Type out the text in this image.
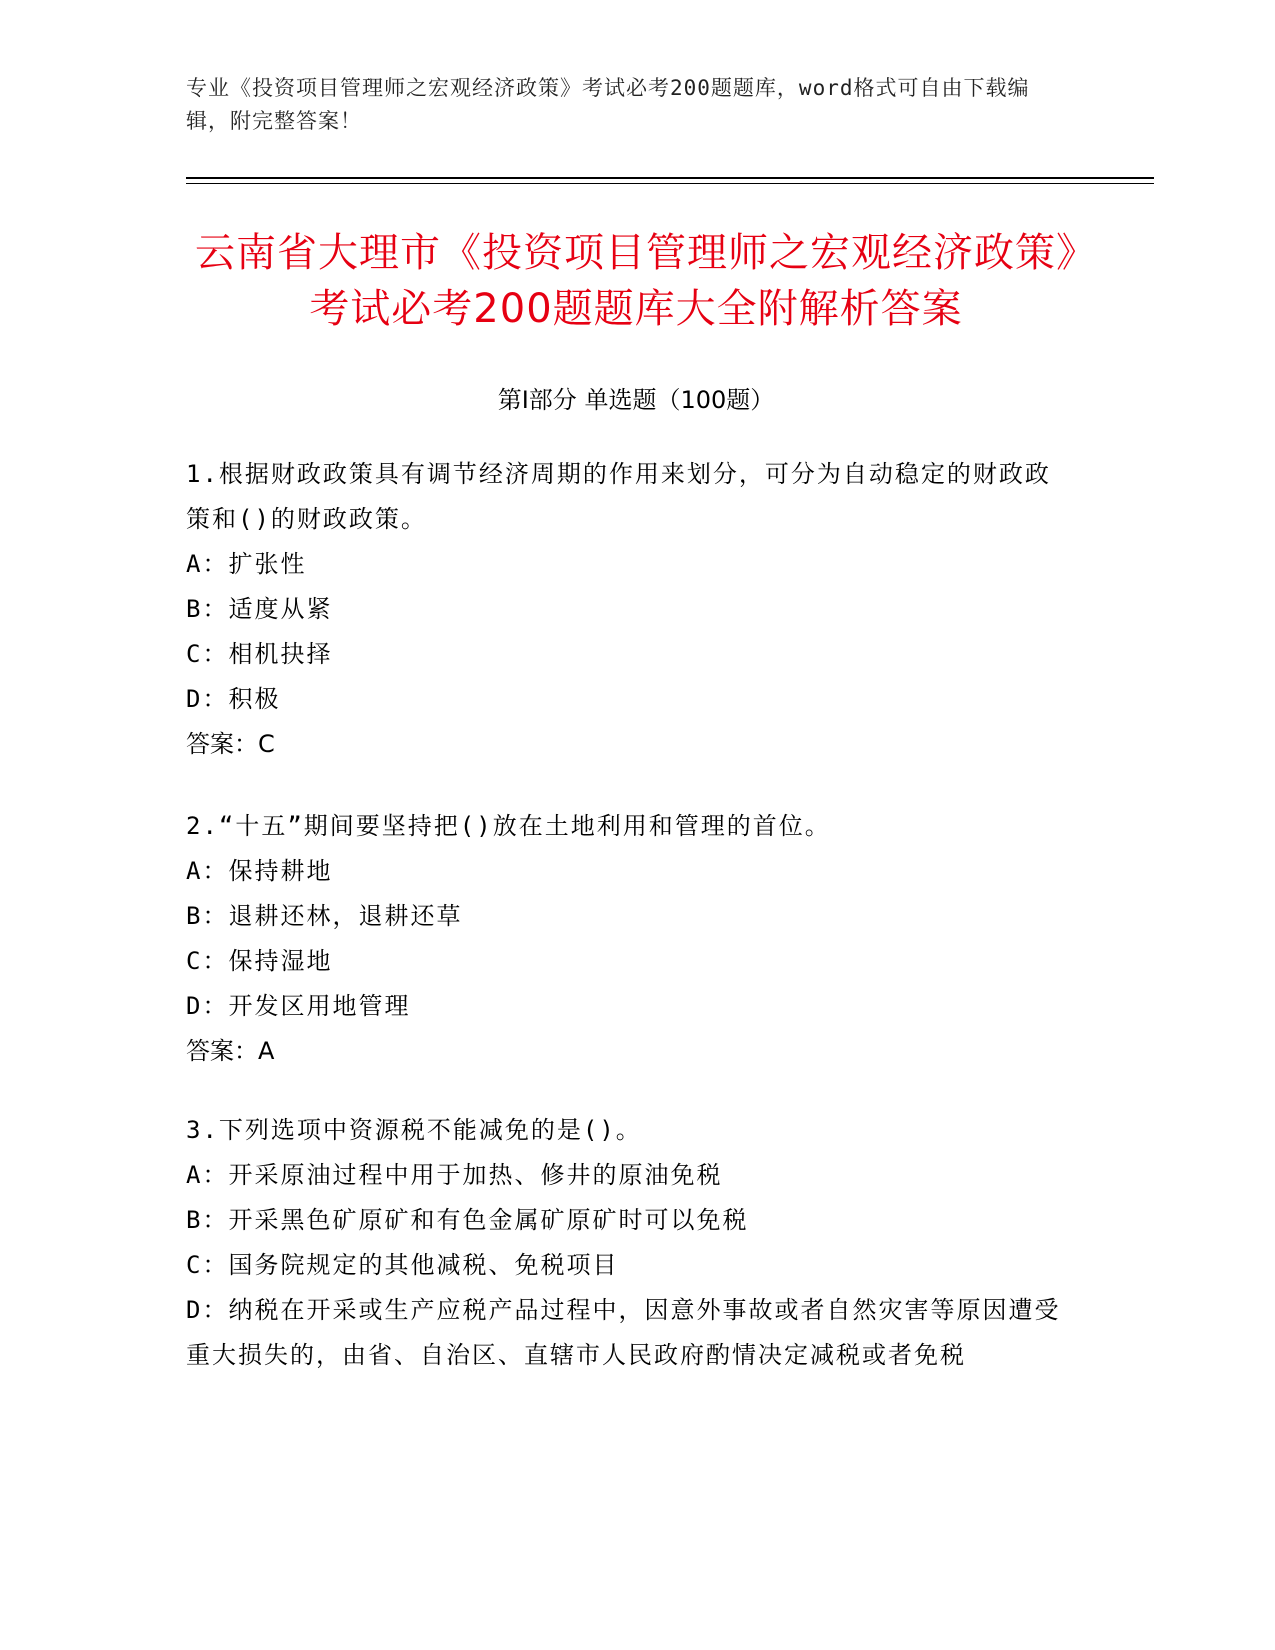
专业《投资项目管理师之宏观经济政策》考试必考200题题库，word格式可自由下载编辑，附完整答案！
云南省大理市《投资项目管理师之宏观经济政策》考试必考200题题库大全附解析答案
第Ⅰ部分 单选题（100题）

1.根据财政政策具有调节经济周期的作用来划分，可分为自动稳定的财政政策和()的财政政策。

A：扩张性

B：适度从紧

C：相机抉择

D：积极

答案：C

2.“十五”期间要坚持把()放在土地利用和管理的首位。

A：保持耕地

B：退耕还林，退耕还草

C：保持湿地

D：开发区用地管理

答案：A

3.下列选项中资源税不能减免的是()。

A：开采原油过程中用于加热、修井的原油免税

B：开采黑色矿原矿和有色金属矿原矿时可以免税

C：国务院规定的其他减税、免税项目

D：纳税在开采或生产应税产品过程中，因意外事故或者自然灾害等原因遭受重大损失的，由省、自治区、直辖市人民政府酌情决定减税或者免税
